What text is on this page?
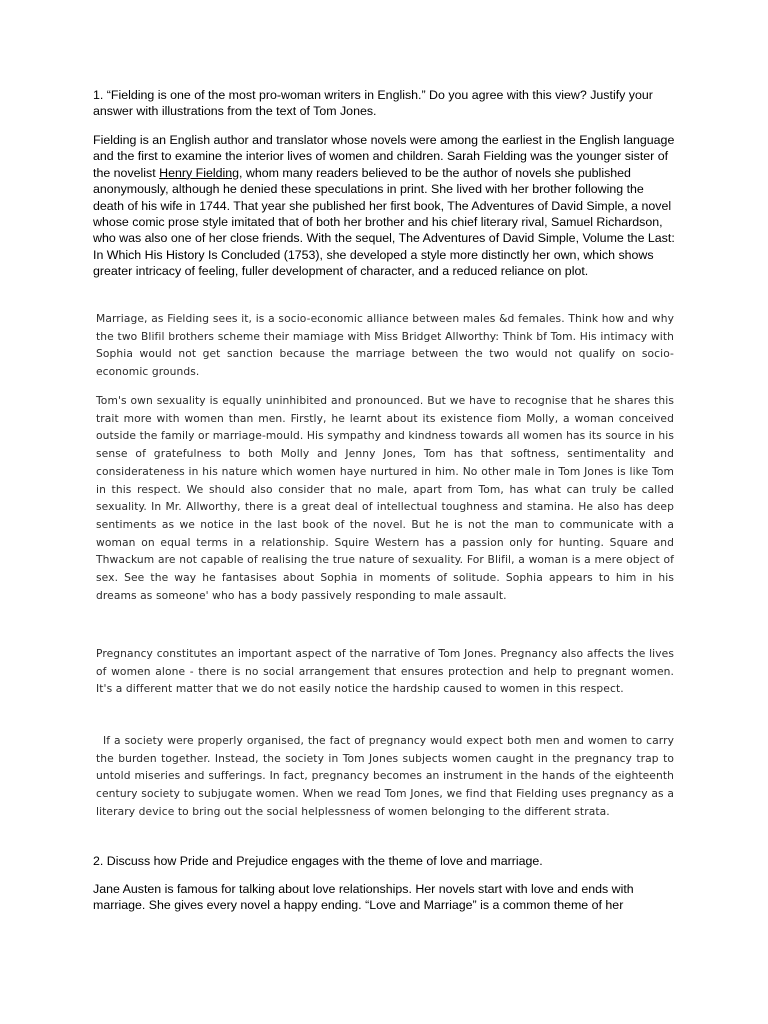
1. “Fielding is one of the most pro-woman writers in English.” Do you agree with this view? Justify your answer with illustrations from the text of Tom Jones.

Fielding is an English author and translator whose novels were among the earliest in the English language and the first to examine the interior lives of women and children. Sarah Fielding was the younger sister of the novelist Henry Fielding, whom many readers believed to be the author of novels she published anonymously, although he denied these speculations in print. She lived with her brother following the death of his wife in 1744. That year she published her first book, The Adventures of David Simple, a novel whose comic prose style imitated that of both her brother and his chief literary rival, Samuel Richardson, who was also one of her close friends. With the sequel, The Adventures of David Simple, Volume the Last: In Which His History Is Concluded (1753), she developed a style more distinctly her own, which shows greater intricacy of feeling, fuller development of character, and a reduced reliance on plot.

Marriage, as Fielding sees it, is a socio-economic alliance between males &d females. Think how and why the two Blifil brothers scheme their mamiage with Miss Bridget Allworthy: Think bf Tom. His intimacy with Sophia would not get sanction because the marriage between the two would not qualify on socio-economic grounds.

Tom's own sexuality is equally uninhibited and pronounced. But we have to recognise that he shares this trait more with women than men. Firstly, he learnt about its existence fiom Molly, a woman conceived outside the family or marriage-mould. His sympathy and kindness towards all women has its source in his sense of gratefulness to both Molly and Jenny Jones, Tom has that softness, sentimentality and considerateness in his nature which women haye nurtured in him. No other male in Tom Jones is like Tom in this respect. We should also consider that no male, apart from Tom, has what can truly be called sexuality. In Mr. Allworthy, there is a great deal of intellectual toughness and stamina. He also has deep sentiments as we notice in the last book of the novel. But he is not the man to communicate with a woman on equal terms in a relationship. Squire Western has a passion only for hunting. Square and Thwackum are not capable of realising the true nature of sexuality. For Blifil, a woman is a mere object of sex. See the way he fantasises about Sophia in moments of solitude. Sophia appears to him in his dreams as someone' who has a body passively responding to male assault.

Pregnancy constitutes an important aspect of the narrative of Tom Jones. Pregnancy also affects the lives of women alone - there is no social arrangement that ensures protection and help to pregnant women. It's a different matter that we do not easily notice the hardship caused to women in this respect.

If a society were properly organised, the fact of pregnancy would expect both men and women to carry the burden together. Instead, the society in Tom Jones subjects women caught in the pregnancy trap to untold miseries and sufferings. In fact, pregnancy becomes an instrument in the hands of the eighteenth century society to subjugate women. When we read Tom Jones, we find that Fielding uses pregnancy as a literary device to bring out the social helplessness of women belonging to the different strata.

2. Discuss how Pride and Prejudice engages with the theme of love and marriage.

Jane Austen is famous for talking about love relationships. Her novels start with love and ends with marriage. She gives every novel a happy ending. “Love and Marriage” is a common theme of her
